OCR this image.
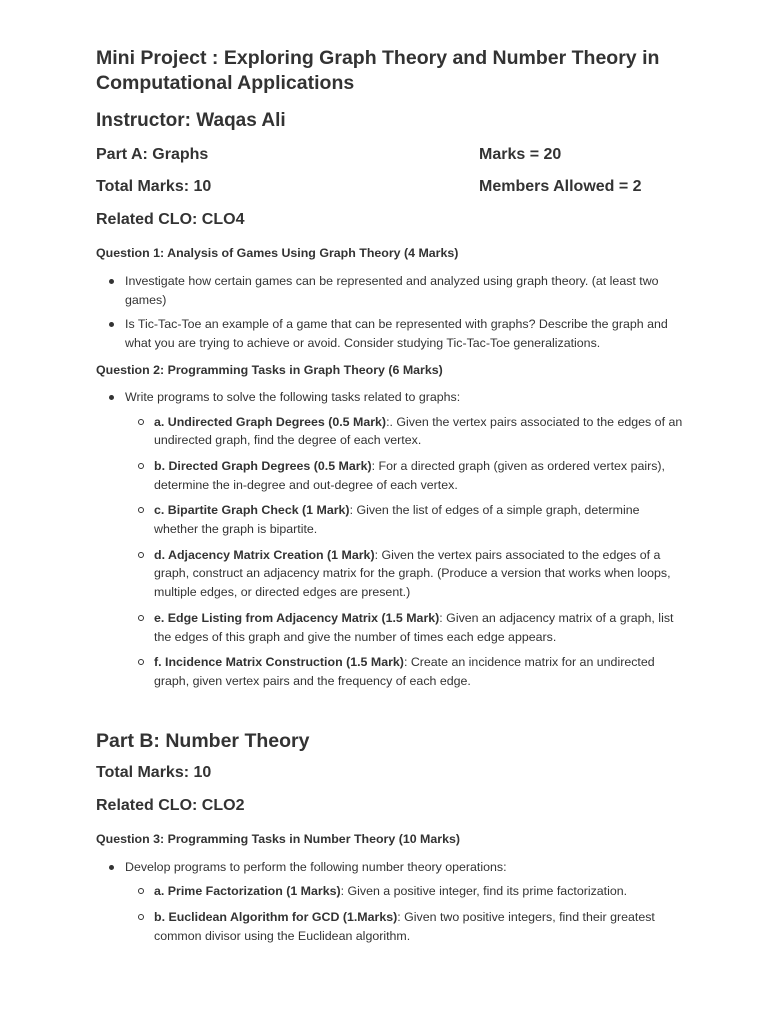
Mini Project : Exploring Graph Theory and Number Theory in Computational Applications
Instructor: Waqas Ali
Part A: Graphs	Marks = 20
Total Marks: 10	Members Allowed = 2
Related CLO: CLO4
Question 1: Analysis of Games Using Graph Theory (4 Marks)
Investigate how certain games can be represented and analyzed using graph theory. (at least two games)
Is Tic-Tac-Toe an example of a game that can be represented with graphs? Describe the graph and what you are trying to achieve or avoid. Consider studying Tic-Tac-Toe generalizations.
Question 2: Programming Tasks in Graph Theory (6 Marks)
Write programs to solve the following tasks related to graphs:
a. Undirected Graph Degrees (0.5 Mark):. Given the vertex pairs associated to the edges of an undirected graph, find the degree of each vertex.
b. Directed Graph Degrees (0.5 Mark): For a directed graph (given as ordered vertex pairs), determine the in-degree and out-degree of each vertex.
c. Bipartite Graph Check (1 Mark): Given the list of edges of a simple graph, determine whether the graph is bipartite.
d. Adjacency Matrix Creation (1 Mark): Given the vertex pairs associated to the edges of a graph, construct an adjacency matrix for the graph. (Produce a version that works when loops, multiple edges, or directed edges are present.)
e. Edge Listing from Adjacency Matrix (1.5 Mark): Given an adjacency matrix of a graph, list the edges of this graph and give the number of times each edge appears.
f. Incidence Matrix Construction (1.5 Mark): Create an incidence matrix for an undirected graph, given vertex pairs and the frequency of each edge.
Part B: Number Theory
Total Marks: 10
Related CLO: CLO2
Question 3: Programming Tasks in Number Theory (10 Marks)
Develop programs to perform the following number theory operations:
a. Prime Factorization (1 Marks): Given a positive integer, find its prime factorization.
b. Euclidean Algorithm for GCD (1.Marks): Given two positive integers, find their greatest common divisor using the Euclidean algorithm.
